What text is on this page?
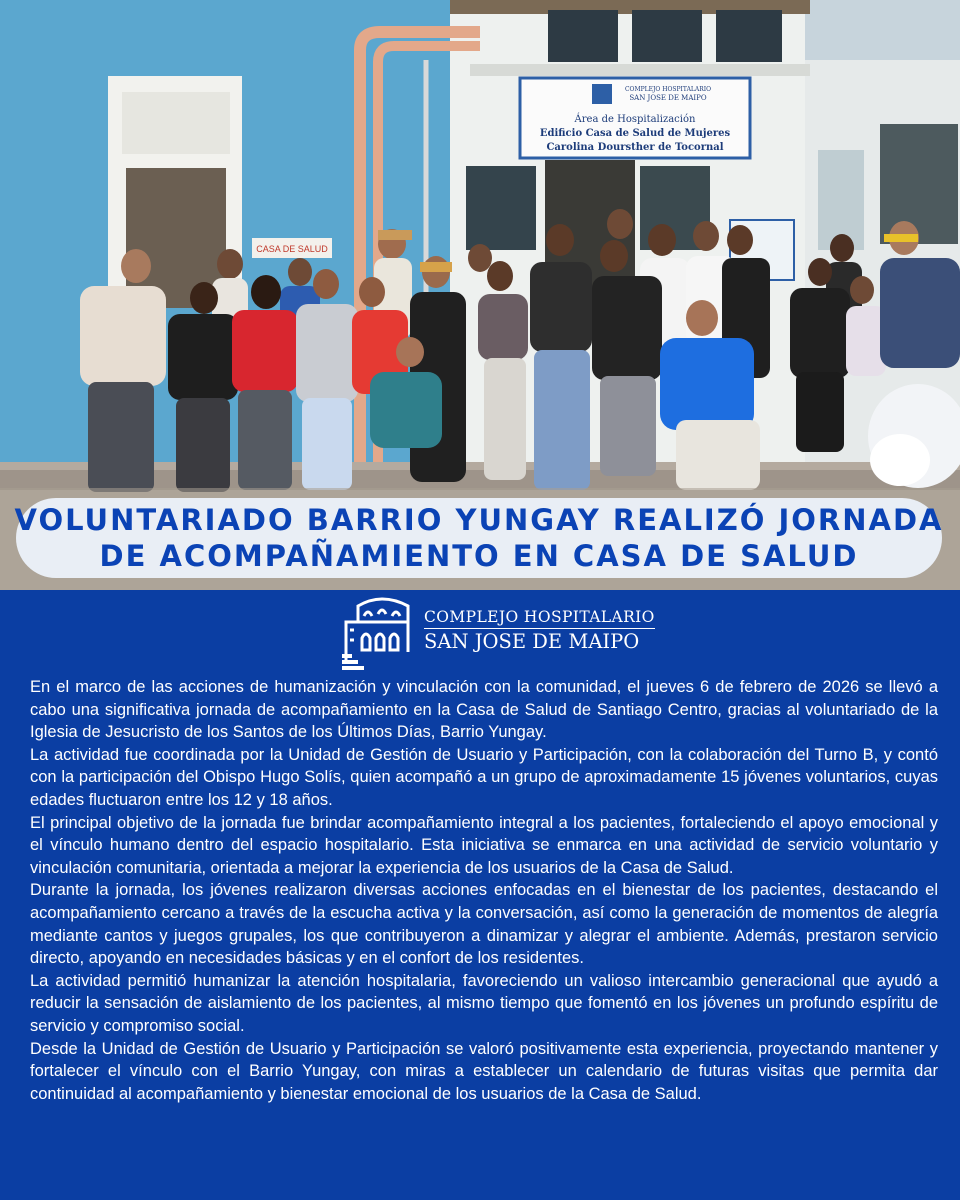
Área de Hospitalización
Edificio Casa de Salud de Mujeres
Carolina Doursther de Tocornal
COMPLEJO HOSPITALARIO
SAN JOSE DE MAIPO
CASA DE SALUD
VOLUNTARIADO BARRIO YUNGAY REALIZÓ JORNADA
DE ACOMPAÑAMIENTO EN CASA DE SALUD
COMPLEJO HOSPITALARIO
SAN JOSE DE MAIPO

En el marco de las acciones de humanización y vinculación con la comunidad, el jueves 6 de febrero de 2026 se llevó a cabo una significativa jornada de acompañamiento en la Casa de Salud de Santiago Centro, gracias al voluntariado de la Iglesia de Jesucristo de los Santos de los Últimos Días, Barrio Yungay.

La actividad fue coordinada por la Unidad de Gestión de Usuario y Participación, con la colaboración del Turno B, y contó con la participación del Obispo Hugo Solís, quien acompañó a un grupo de aproximadamente 15 jóvenes voluntarios, cuyas edades fluctuaron entre los 12 y 18 años.

El principal objetivo de la jornada fue brindar acompañamiento integral a los pacientes, fortaleciendo el apoyo emocional y el vínculo humano dentro del espacio hospitalario. Esta iniciativa se enmarca en una actividad de servicio voluntario y vinculación comunitaria, orientada a mejorar la experiencia de los usuarios de la Casa de Salud.

Durante la jornada, los jóvenes realizaron diversas acciones enfocadas en el bienestar de los pacientes, destacando el acompañamiento cercano a través de la escucha activa y la conversación, así como la generación de momentos de alegría mediante cantos y juegos grupales, los que contribuyeron a dinamizar y alegrar el ambiente. Además, prestaron servicio directo, apoyando en necesidades básicas y en el confort de los residentes.

La actividad permitió humanizar la atención hospitalaria, favoreciendo un valioso intercambio generacional que ayudó a reducir la sensación de aislamiento de los pacientes, al mismo tiempo que fomentó en los jóvenes un profundo espíritu de servicio y compromiso social.

Desde la Unidad de Gestión de Usuario y Participación se valoró positivamente esta experiencia, proyectando mantener y fortalecer el vínculo con el Barrio Yungay, con miras a establecer un calendario de futuras visitas que permita dar continuidad al acompañamiento y bienestar emocional de los usuarios de la Casa de Salud.
